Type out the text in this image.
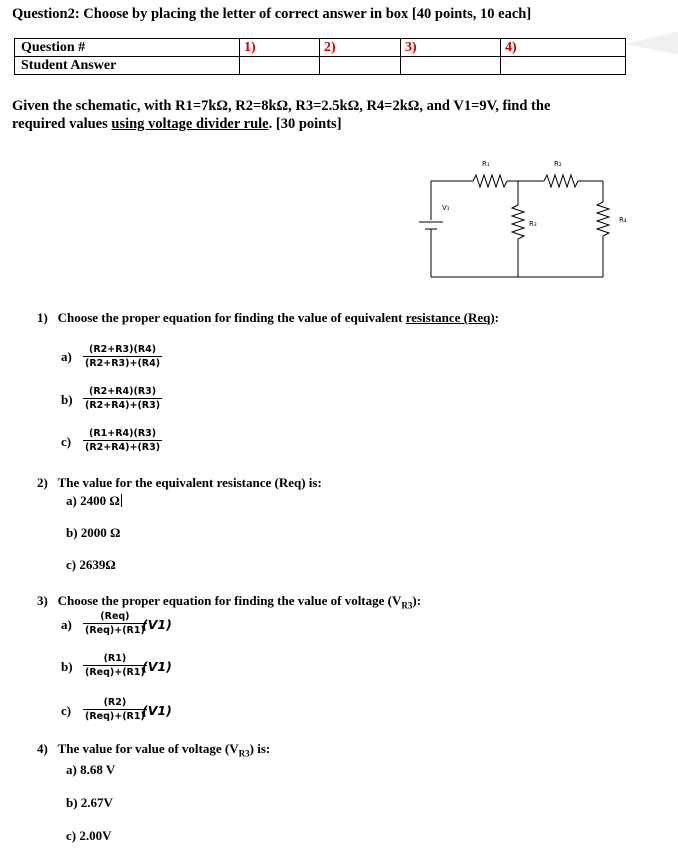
Question2: Choose by placing the letter of correct answer in box [40 points, 10 each]
Question #	1)	2)	3)	4)
Student Answer				
Given the schematic, with R1=7kΩ, R2=8kΩ, R3=2.5kΩ, R4=2kΩ, and V1=9V, find the
required values using voltage divider rule. [30 points]
R₁	R₂
R₃	R₄
V₁
1) Choose the proper equation for finding the value of equivalent resistance (Req):
$a) \frac{(R2+R3)(R4)}{(R2+R3)+(R4)}$
$b) \frac{(R2+R4)(R3)}{(R2+R4)+(R3)}$
$c) \frac{(R1+R4)(R3)}{(R2+R4)+(R3)}$
2) The value for the equivalent resistance (Req) is:
a) 2400 Ω
b) 2000 Ω
c) 2639Ω
3) Choose the proper equation for finding the value of voltage $(V_{R3})$:
a)
(Req)
(Req)+(R1)
(V1)
b)
(R1)
(Req)+(R1)
(V1)
c)
(R2)
(Req)+(R1)
(V1)
4) The value for value of voltage $(V_{R3})$ is:
a) 8.68 V
b) 2.67V
c) 2.00V
